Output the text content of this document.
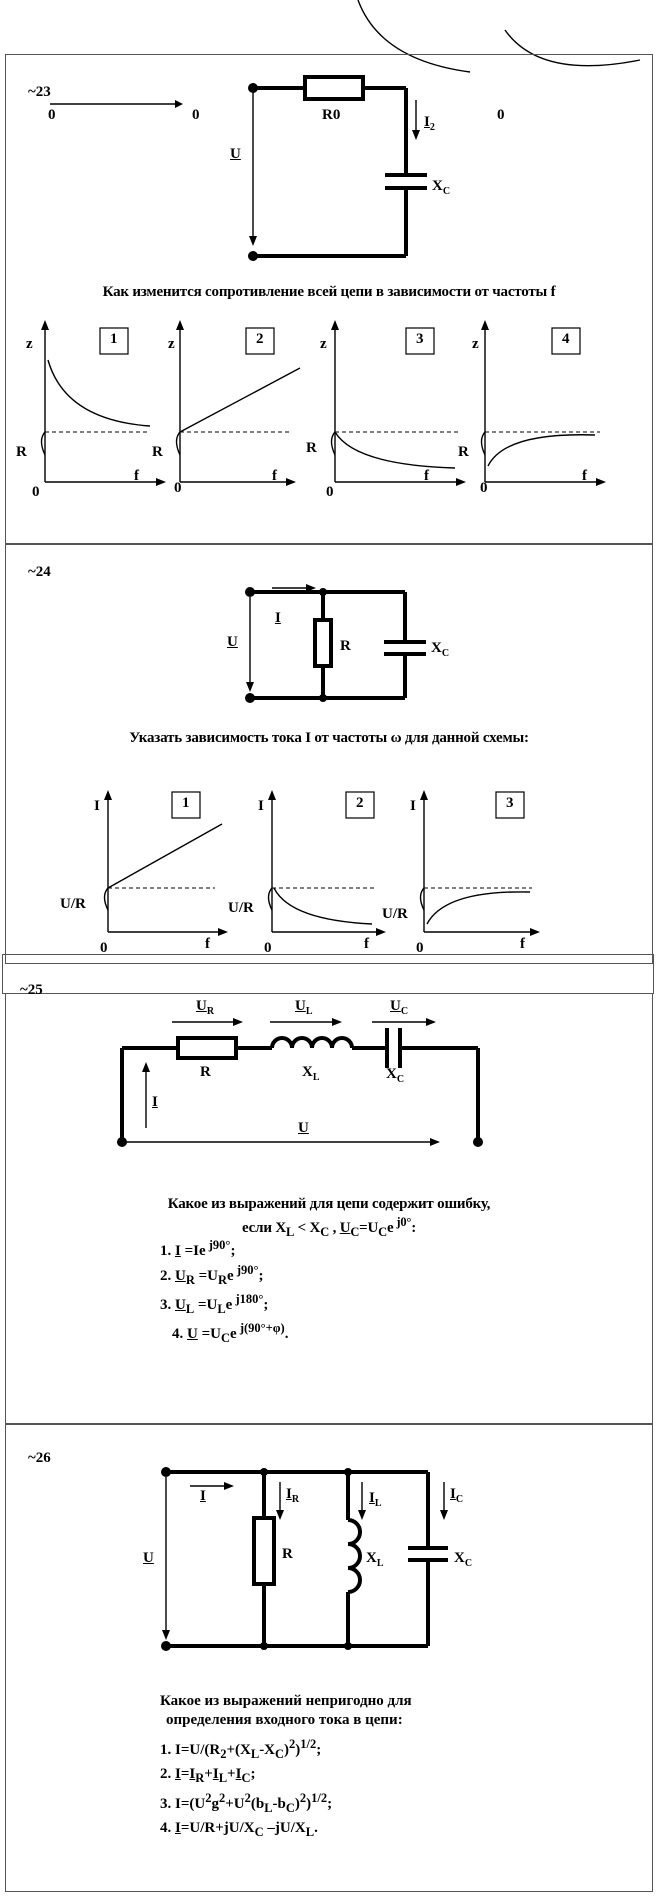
~23
0	0	0
R0	$I_2$
U
$X_C$
Как изменится сопротивление всей цепи в зависимости от частоты f
1	2	3	4
z	z	z	z
R	R	R	R
0	0	0	0
f	f	f	f
~24
I
U	R	$X_C$
Указать зависимость тока I от частоты ω для данной схемы:
1	2	3
I	I	I
U/R	U/R	U/R
0	0	0
f	f	f
~25
$U_R$	$U_L$	$U_C$
R	$X_L$	$X_C$
I
U
Какое из выражений для цепи содержит ошибку,
если $X_L < X_C$ , $U_C=U_Ce$ $^{j0^\circ}$:
1. I =Ie $^{j90^\circ}$;
2. $U_R =U_Re$ $^{j90^\circ}$;
3. $U_L =U_Le$ $^{j180^\circ}$;
4. $U =U_Ce$ $^{j(90^\circ+\varphi)}$.
~26
I	$I_R$	$I_L$
$I_C$
U	R	$X_L$	$X_C$
Какое из выражений непригодно для
определения входного тока в цепи:
1. $I=U/(R_2+(X_L-X_C)^2)^{1/2}$;
2. $I=I_R+I_L+I_C$;
3. $I=(U^2g^2+U^2(b_L-b_C)^2)^{1/2}$;
4. $I=U/R+jU/X_C$ $-jU/X_L$.
